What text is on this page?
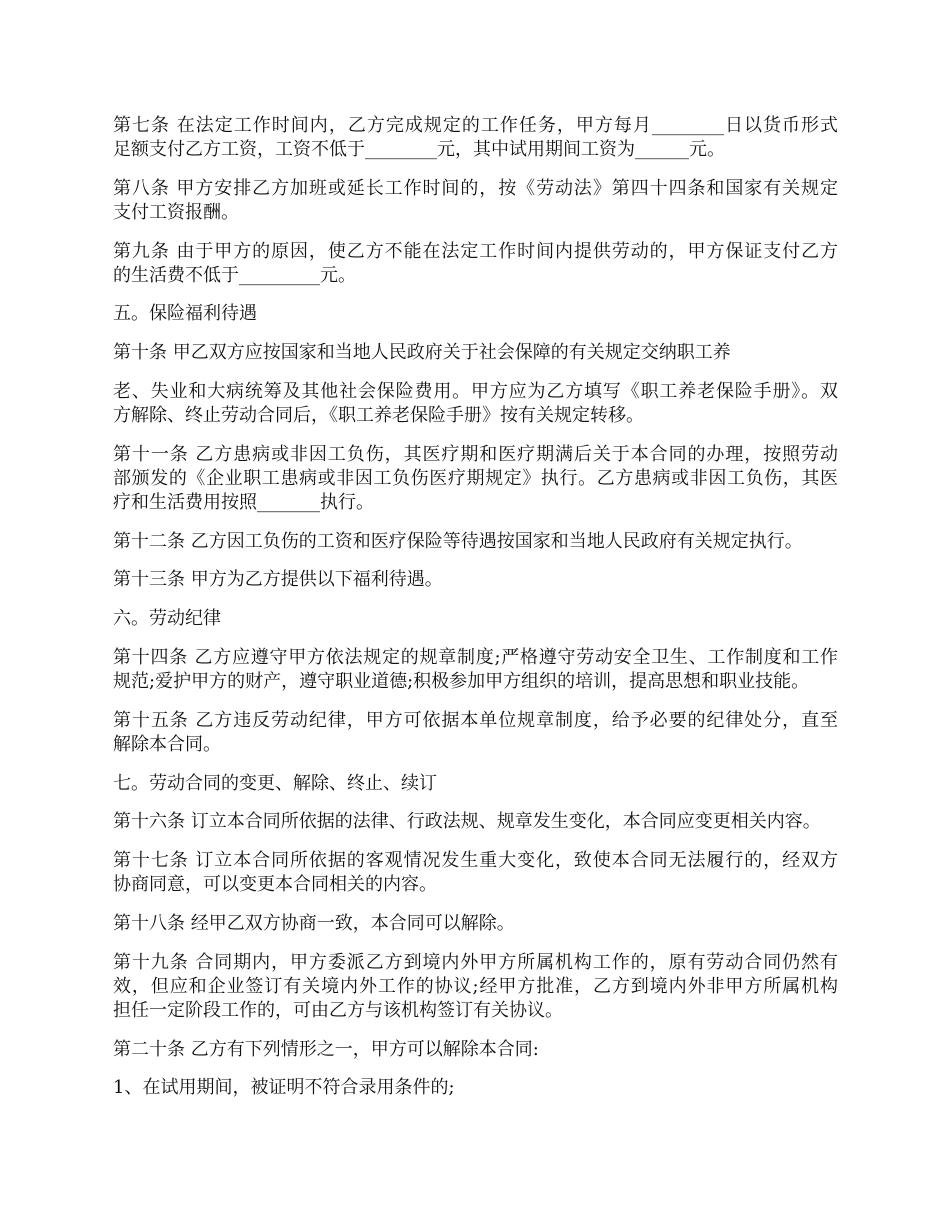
第七条 在法定工作时间内，乙方完成规定的工作任务，甲方每月________日以货币形式
足额支付乙方工资，工资不低于________元，其中试用期间工资为______元。

第八条 甲方安排乙方加班或延长工作时间的，按《劳动法》第四十四条和国家有关规定
支付工资报酬。

第九条 由于甲方的原因，使乙方不能在法定工作时间内提供劳动的，甲方保证支付乙方
的生活费不低于_________元。

五。保险福利待遇

第十条 甲乙双方应按国家和当地人民政府关于社会保障的有关规定交纳职工养

老、失业和大病统筹及其他社会保险费用。甲方应为乙方填写《职工养老保险手册》。双
方解除、终止劳动合同后，《职工养老保险手册》按有关规定转移。

第十一条 乙方患病或非因工负伤，其医疗期和医疗期满后关于本合同的办理，按照劳动
部颁发的《企业职工患病或非因工负伤医疗期规定》执行。乙方患病或非因工负伤，其医
疗和生活费用按照_______执行。

第十二条 乙方因工负伤的工资和医疗保险等待遇按国家和当地人民政府有关规定执行。

第十三条 甲方为乙方提供以下福利待遇。

六。劳动纪律

第十四条 乙方应遵守甲方依法规定的规章制度;严格遵守劳动安全卫生、工作制度和工作
规范;爱护甲方的财产，遵守职业道德;积极参加甲方组织的培训，提高思想和职业技能。

第十五条 乙方违反劳动纪律，甲方可依据本单位规章制度，给予必要的纪律处分，直至
解除本合同。

七。劳动合同的变更、解除、终止、续订

第十六条 订立本合同所依据的法律、行政法规、规章发生变化，本合同应变更相关内容。

第十七条 订立本合同所依据的客观情况发生重大变化，致使本合同无法履行的，经双方
协商同意，可以变更本合同相关的内容。

第十八条 经甲乙双方协商一致，本合同可以解除。

第十九条 合同期内，甲方委派乙方到境内外甲方所属机构工作的，原有劳动合同仍然有
效，但应和企业签订有关境内外工作的协议;经甲方批准，乙方到境内外非甲方所属机构
担任一定阶段工作的，可由乙方与该机构签订有关协议。

第二十条 乙方有下列情形之一，甲方可以解除本合同:

1、在试用期间，被证明不符合录用条件的;
